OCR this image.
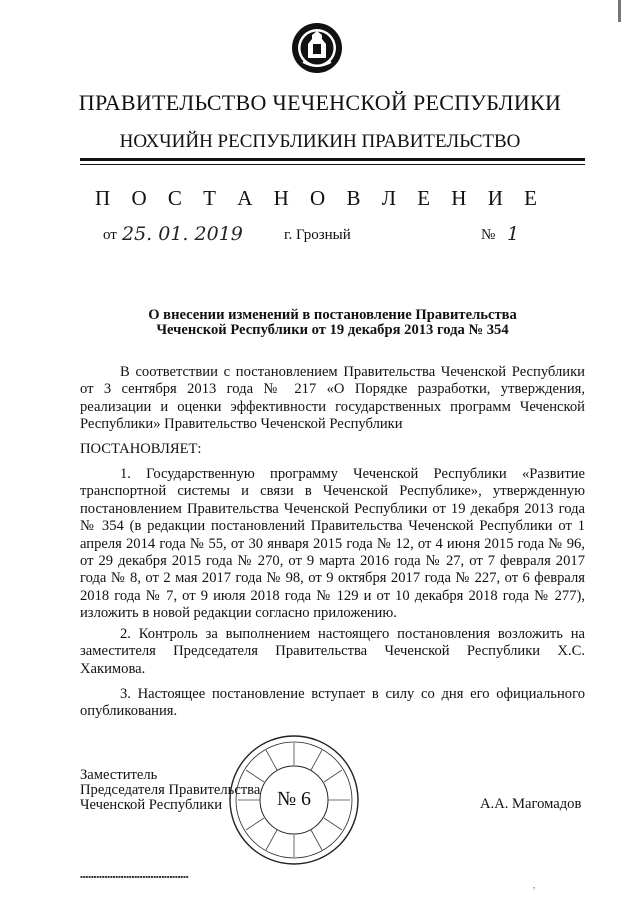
ПРАВИТЕЛЬСТВО ЧЕЧЕНСКОЙ РЕСПУБЛИКИ
НОХЧИЙН РЕСПУБЛИКИН ПРАВИТЕЛЬСТВО
П О С Т А Н О В Л Е Н И Е
от 25. 01. 2019	г. Грозный	№ 1
О внесении изменений в постановление Правительства
Чеченской Республики от 19 декабря 2013 года № 354

В соответствии с постановлением Правительства Чеченской Республики от 3 сентября 2013 года № 217 «О Порядке разработки, утверждения, реализации и оценки эффективности государственных программ Чеченской Республики» Правительство Чеченской Республики

ПОСТАНОВЛЯЕТ:

1. Государственную программу Чеченской Республики «Развитие транспортной системы и связи в Чеченской Республике», утвержденную постановлением Правительства Чеченской Республики от 19 декабря 2013 года № 354 (в редакции постановлений Правительства Чеченской Республики от 1 апреля 2014 года № 55, от 30 января 2015 года № 12, от 4 июня 2015 года № 96, от 29 декабря 2015 года № 270, от 9 марта 2016 года № 27, от 7 февраля 2017 года № 8, от 2 мая 2017 года № 98, от 9 октября 2017 года № 227, от 6 февраля 2018 года № 7, от 9 июля 2018 года № 129 и от 10 декабря 2018 года № 277), изложить в новой редакции согласно приложению.

2. Контроль за выполнением настоящего постановления возложить на заместителя Председателя Правительства Чеченской Республики Х.С. Хакимова.

3. Настоящее постановление вступает в силу со дня его официального опубликования.

Заместитель
Председателя Правительства
Чеченской Республики	№ 6	А.А. Магомадов
▪▪▪▪▪▪▪▪▪▪▪▪▪▪▪▪▪▪▪▪▪▪▪▪▪▪▪▪▪▪▪▪▪▪▪▪▪▪▪▪
,
